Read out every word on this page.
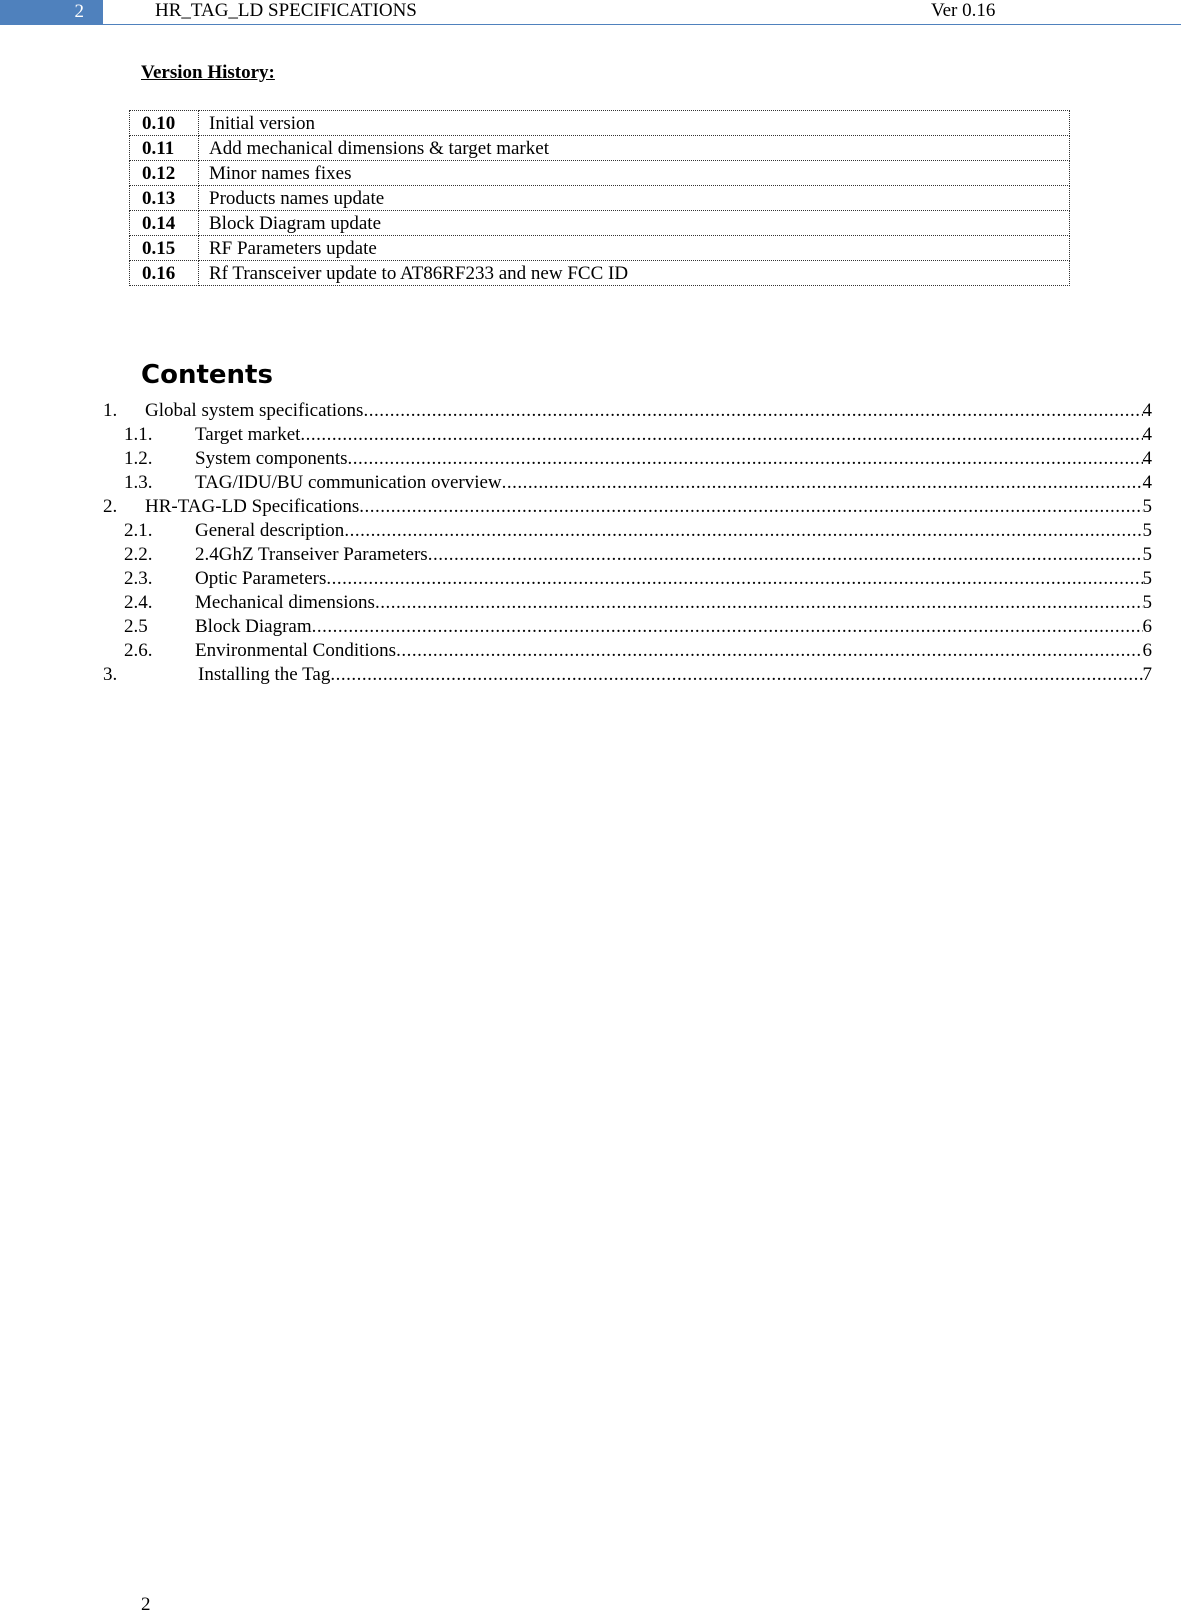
2	HR_TAG_LD SPECIFICATIONS	Ver 0.16
Version History:
0.10	Initial version
0.11	Add mechanical dimensions & target market
0.12	Minor names fixes
0.13	Products names update
0.14	Block Diagram update
0.15	RF Parameters update
0.16	Rf Transceiver update to AT86RF233 and new FCC ID
Contents
1. Global system specifications .....	4
1.1. Target market .....	4
1.2. System components .....	4
1.3. TAG/IDU/BU communication overview .....	4
2. HR-TAG-LD Specifications .....	5
2.1. General description .....	5
2.2. 2.4GhZ Transeiver Parameters .....	5
2.3. Optic Parameters .....	5
2.4. Mechanical dimensions .....	5
2.5 Block Diagram .....	6
2.6. Environmental Conditions .....	6
3.	Installing the Tag .....	7
2
